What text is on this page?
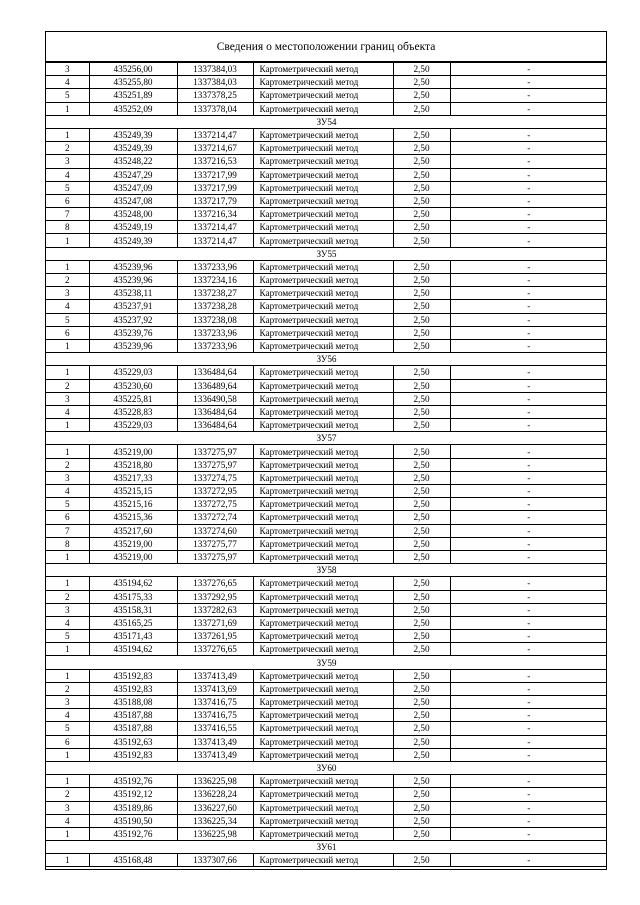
Сведения о местоположении границ объекта
3	435256,00	1337384,03	Картометрический метод	2,50	-
4	435255,80	1337384,03	Картометрический метод	2,50	-
5	435251,89	1337378,25	Картометрический метод	2,50	-
1	435252,09	1337378,04	Картометрический метод	2,50	-
ЗУ54					
1	435249,39	1337214,47	Картометрический метод	2,50	-
2	435249,39	1337214,67	Картометрический метод	2,50	-
3	435248,22	1337216,53	Картометрический метод	2,50	-
4	435247,29	1337217,99	Картометрический метод	2,50	-
5	435247,09	1337217,99	Картометрический метод	2,50	-
6	435247,08	1337217,79	Картометрический метод	2,50	-
7	435248,00	1337216,34	Картометрический метод	2,50	-
8	435249,19	1337214,47	Картометрический метод	2,50	-
1	435249,39	1337214,47	Картометрический метод	2,50	-
ЗУ55					
1	435239,96	1337233,96	Картометрический метод	2,50	-
2	435239,96	1337234,16	Картометрический метод	2,50	-
3	435238,11	1337238,27	Картометрический метод	2,50	-
4	435237,91	1337238,28	Картометрический метод	2,50	-
5	435237,92	1337238,08	Картометрический метод	2,50	-
6	435239,76	1337233,96	Картометрический метод	2,50	-
1	435239,96	1337233,96	Картометрический метод	2,50	-
ЗУ56					
1	435229,03	1336484,64	Картометрический метод	2,50	-
2	435230,60	1336489,64	Картометрический метод	2,50	-
3	435225,81	1336490,58	Картометрический метод	2,50	-
4	435228,83	1336484,64	Картометрический метод	2,50	-
1	435229,03	1336484,64	Картометрический метод	2,50	-
ЗУ57					
1	435219,00	1337275,97	Картометрический метод	2,50	-
2	435218,80	1337275,97	Картометрический метод	2,50	-
3	435217,33	1337274,75	Картометрический метод	2,50	-
4	435215,15	1337272,95	Картометрический метод	2,50	-
5	435215,16	1337272,75	Картометрический метод	2,50	-
6	435215,36	1337272,74	Картометрический метод	2,50	-
7	435217,60	1337274,60	Картометрический метод	2,50	-
8	435219,00	1337275,77	Картометрический метод	2,50	-
1	435219,00	1337275,97	Картометрический метод	2,50	-
ЗУ58					
1	435194,62	1337276,65	Картометрический метод	2,50	-
2	435175,33	1337292,95	Картометрический метод	2,50	-
3	435158,31	1337282,63	Картометрический метод	2,50	-
4	435165,25	1337271,69	Картометрический метод	2,50	-
5	435171,43	1337261,95	Картометрический метод	2,50	-
1	435194,62	1337276,65	Картометрический метод	2,50	-
ЗУ59					
1	435192,83	1337413,49	Картометрический метод	2,50	-
2	435192,83	1337413,69	Картометрический метод	2,50	-
3	435188,08	1337416,75	Картометрический метод	2,50	-
4	435187,88	1337416,75	Картометрический метод	2,50	-
5	435187,88	1337416,55	Картометрический метод	2,50	-
6	435192,63	1337413,49	Картометрический метод	2,50	-
1	435192,83	1337413,49	Картометрический метод	2,50	-
ЗУ60					
1	435192,76	1336225,98	Картометрический метод	2,50	-
2	435192,12	1336228,24	Картометрический метод	2,50	-
3	435189,86	1336227,60	Картометрический метод	2,50	-
4	435190,50	1336225,34	Картометрический метод	2,50	-
1	435192,76	1336225,98	Картометрический метод	2,50	-
ЗУ61					
1	435168,48	1337307,66	Картометрический метод	2,50	-
